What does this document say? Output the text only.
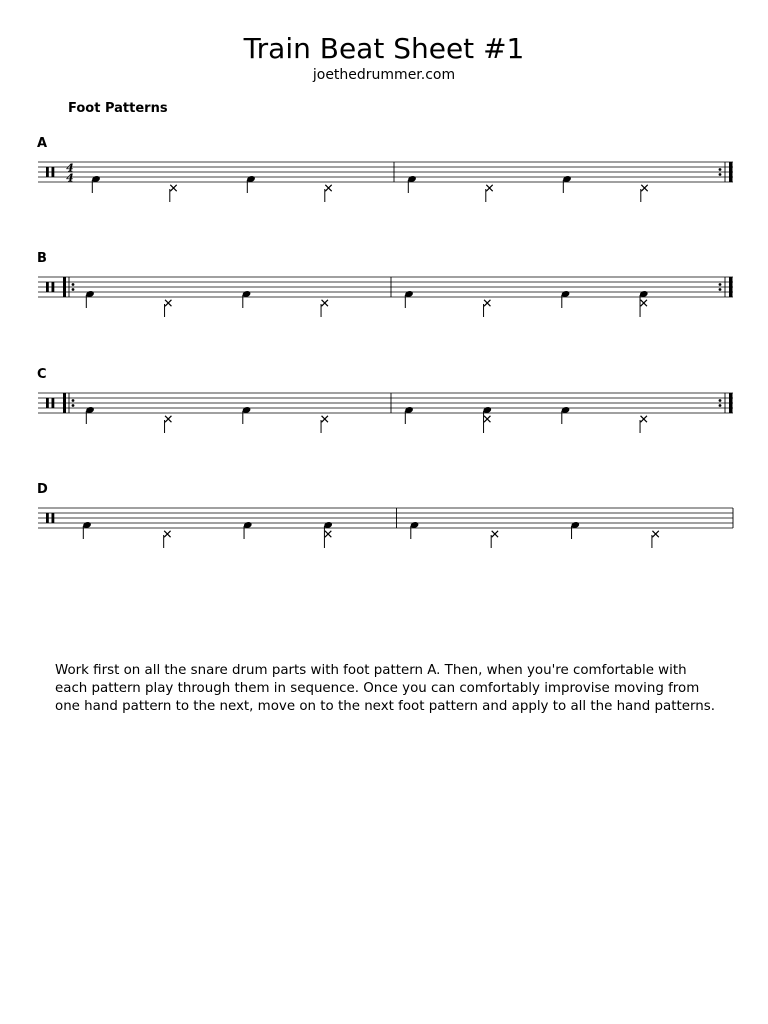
Train Beat Sheet #1
joethedrummer.com
Foot Patterns
A
4
4
B
C
D

Work first on all the snare drum parts with foot pattern A. Then, when you're comfortable with

each pattern play through them in sequence. Once you can comfortably improvise moving from

one hand pattern to the next, move on to the next foot pattern and apply to all the hand patterns.
